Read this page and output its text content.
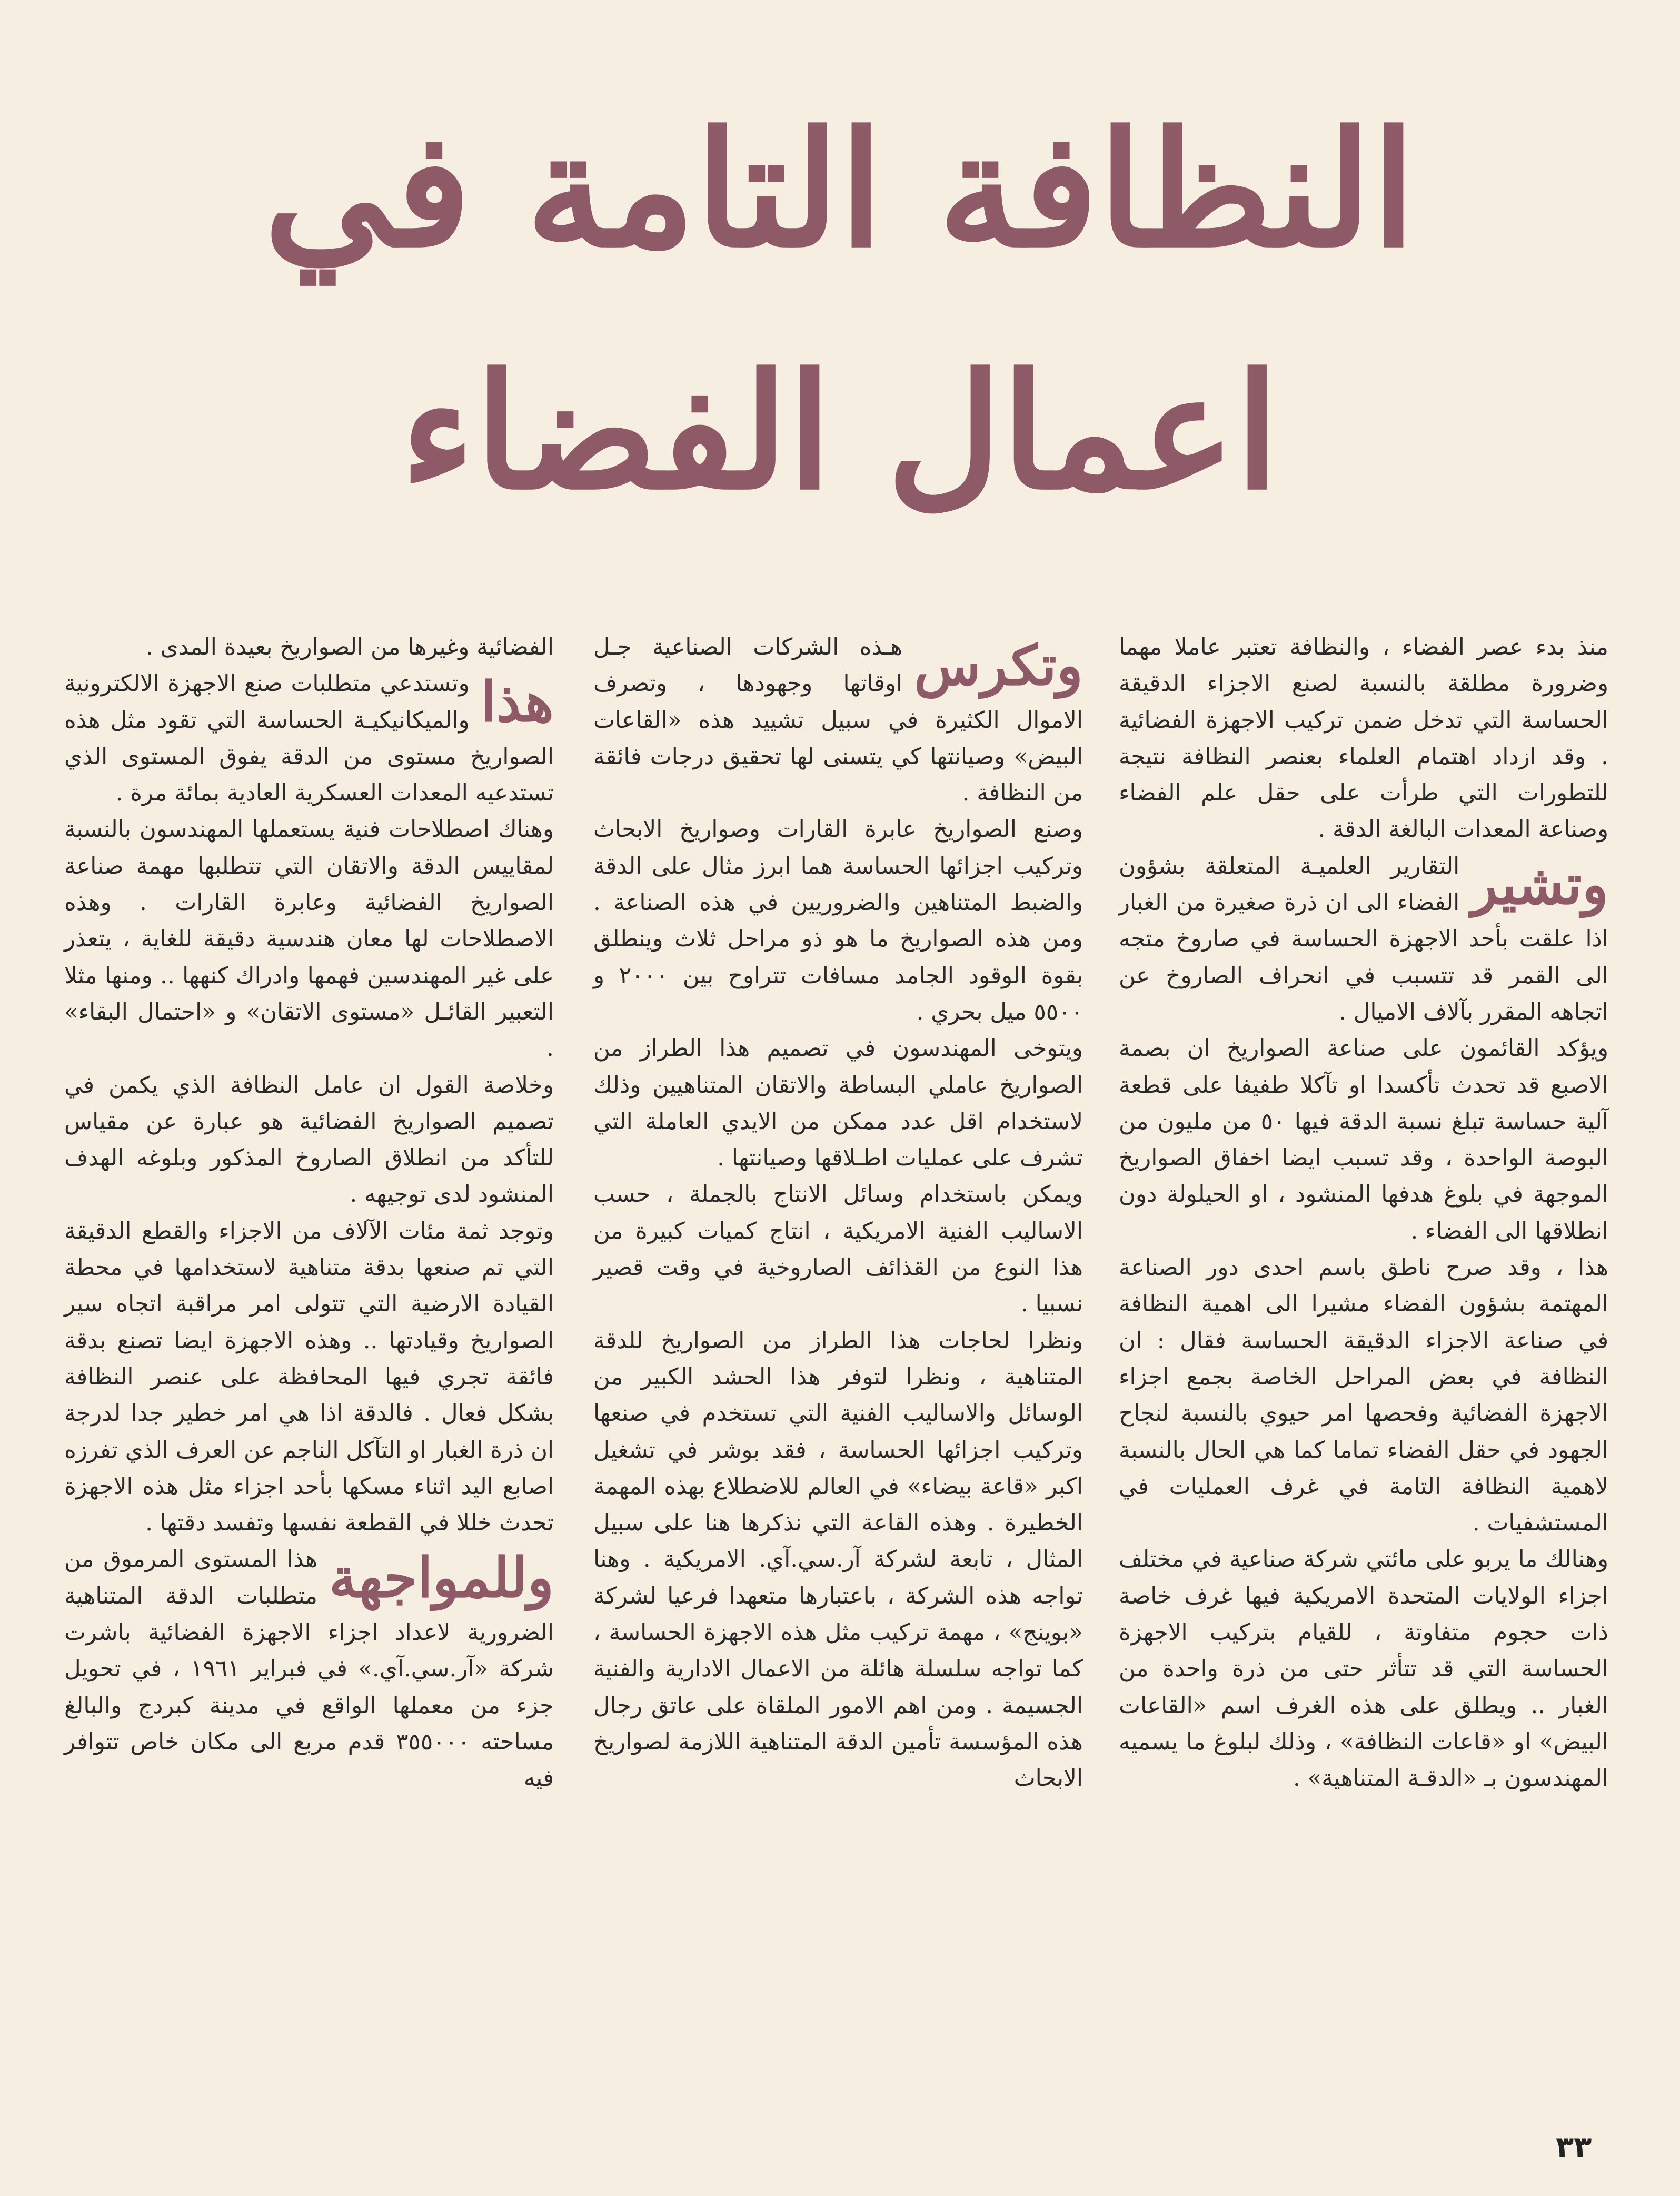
النظافة التامة في
اعمال الفضاء

منذ بدء عصر الفضاء ، والنظافة تعتبر عاملا مهما وضرورة مطلقة بالنسبة لصنع الاجزاء الدقيقة الحساسة التي تدخل ضمن تركيب الاجهزة الفضائية . وقد ازداد اهتمام العلماء بعنصر النظافة نتيجة للتطورات التي طرأت على حقل علم الفضاء وصناعة المعدات البالغة الدقة .

وتشير
التقارير العلميـة المتعلقة بشؤون الفضاء الى ان ذرة صغيرة من الغبار اذا علقت بأحد الاجهزة الحساسة في صاروخ متجه الى القمر قد تتسبب في انحراف الصاروخ عن اتجاهه المقرر بآلاف الاميال .

ويؤكد القائمون على صناعة الصواريخ ان بصمة الاصبع قد تحدث تأكسدا او تآكلا طفيفا على قطعة آلية حساسة تبلغ نسبة الدقة فيها ٥٠ من مليون من البوصة الواحدة ، وقد تسبب ايضا اخفاق الصواريخ الموجهة في بلوغ هدفها المنشود ، او الحيلولة دون انطلاقها الى الفضاء .

هذا ، وقد صرح ناطق باسم احدى دور الصناعة المهتمة بشؤون الفضاء مشيرا الى اهمية النظافة في صناعة الاجزاء الدقيقة الحساسة فقال : ان النظافة في بعض المراحل الخاصة بجمع اجزاء الاجهزة الفضائية وفحصها امر حيوي بالنسبة لنجاح الجهود في حقل الفضاء تماما كما هي الحال بالنسبة لاهمية النظافة التامة في غرف العمليات في المستشفيات .

وهنالك ما يربو على مائتي شركة صناعية في مختلف اجزاء الولايات المتحدة الامريكية فيها غرف خاصة ذات حجوم متفاوتة ، للقيام بتركيب الاجهزة الحساسة التي قد تتأثر حتى من ذرة واحدة من الغبار .. ويطلق على هذه الغرف اسم «القاعات البيض» او «قاعات النظافة» ، وذلك لبلوغ ما يسميه المهندسون بـ «الدقـة المتناهية» .

وتكرس
هـذه الشركات الصناعية جـل اوقاتها وجهودها ، وتصرف الاموال الكثيرة في سبيل تشييد هذه «القاعات البيض» وصيانتها كي يتسنى لها تحقيق درجات فائقة من النظافة .

وصنع الصواريخ عابرة القارات وصواريخ الابحاث وتركيب اجزائها الحساسة هما ابرز مثال على الدقة والضبط المتناهين والضروريين في هذه الصناعة . ومن هذه الصواريخ ما هو ذو مراحل ثلاث وينطلق بقوة الوقود الجامد مسافات تتراوح بين ٢٠٠٠ و ٥٥٠٠ ميل بحري .

ويتوخى المهندسون في تصميم هذا الطراز من الصواريخ عاملي البساطة والاتقان المتناهيين وذلك لاستخدام اقل عدد ممكن من الايدي العاملة التي تشرف على عمليات اطـلاقها وصيانتها .

ويمكن باستخدام وسائل الانتاج بالجملة ، حسب الاساليب الفنية الامريكية ، انتاج كميات كبيرة من هذا النوع من القذائف الصاروخية في وقت قصير نسبيا .

ونظرا لحاجات هذا الطراز من الصواريخ للدقة المتناهية ، ونظرا لتوفر هذا الحشد الكبير من الوسائل والاساليب الفنية التي تستخدم في صنعها وتركيب اجزائها الحساسة ، فقد بوشر في تشغيل اكبر «قاعة بيضاء» في العالم للاضطلاع بهذه المهمة الخطيرة . وهذه القاعة التي نذكرها هنا على سبيل المثال ، تابعة لشركة آر.سي.آي. الامريكية . وهنا تواجه هذه الشركة ، باعتبارها متعهدا فرعيا لشركة «بوينج» ، مهمة تركيب مثل هذه الاجهزة الحساسة ، كما تواجه سلسلة هائلة من الاعمال الادارية والفنية الجسيمة . ومن اهم الامور الملقاة على عاتق رجال هذه المؤسسة تأمين الدقة المتناهية اللازمة لصواريخ الابحاث

الفضائية وغيرها من الصواريخ بعيدة المدى .

هذا
وتستدعي متطلبات صنع الاجهزة الالكترونية والميكانيكيـة الحساسة التي تقود مثل هذه الصواريخ مستوى من الدقة يفوق المستوى الذي تستدعيه المعدات العسكرية العادية بمائة مرة .

وهناك اصطلاحات فنية يستعملها المهندسون بالنسبة لمقاييس الدقة والاتقان التي تتطلبها مهمة صناعة الصواريخ الفضائية وعابرة القارات . وهذه الاصطلاحات لها معان هندسية دقيقة للغاية ، يتعذر على غير المهندسين فهمها وادراك كنهها .. ومنها مثلا التعبير القائـل «مستوى الاتقان» و «احتمال البقاء» .

وخلاصة القول ان عامل النظافة الذي يكمن في تصميم الصواريخ الفضائية هو عبارة عن مقياس للتأكد من انطلاق الصاروخ المذكور وبلوغه الهدف المنشود لدى توجيهه .

وتوجد ثمة مئات الآلاف من الاجزاء والقطع الدقيقة التي تم صنعها بدقة متناهية لاستخدامها في محطة القيادة الارضية التي تتولى امر مراقبة اتجاه سير الصواريخ وقيادتها .. وهذه الاجهزة ايضا تصنع بدقة فائقة تجري فيها المحافظة على عنصر النظافة بشكل فعال . فالدقة اذا هي امر خطير جدا لدرجة ان ذرة الغبار او التآكل الناجم عن العرف الذي تفرزه اصابع اليد اثناء مسكها بأحد اجزاء مثل هذه الاجهزة تحدث خللا في القطعة نفسها وتفسد دقتها .

وللمواجهة
هذا المستوى المرموق من متطلبات الدقة المتناهية الضرورية لاعداد اجزاء الاجهزة الفضائية باشرت شركة «آر.سي.آي.» في فبراير ١٩٦١ ، في تحويل جزء من معملها الواقع في مدينة كبردج والبالغ مساحته ٣٥٥٠٠٠ قدم مربع الى مكان خاص تتوافر فيه

٣٣
